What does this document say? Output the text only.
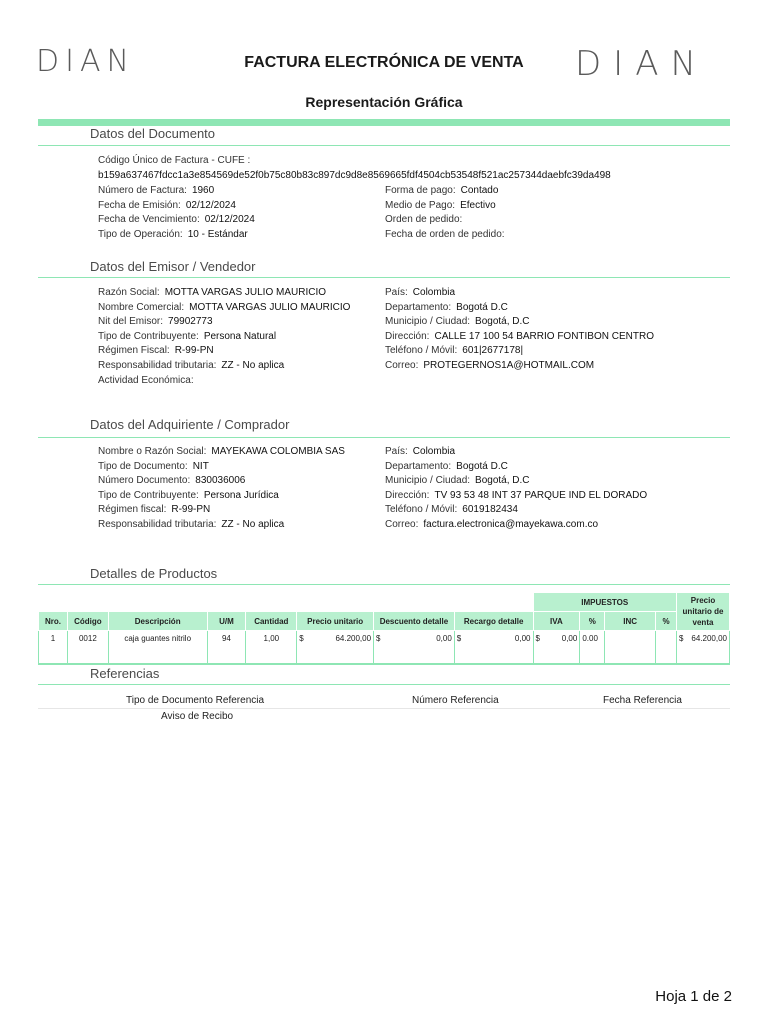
DIAN	DIAN
FACTURA ELECTRÓNICA DE VENTA
Representación Gráfica
Datos del Documento
Código Único de Factura - CUFE :
b159a637467fdcc1a3e854569de52f0b75c80b83c897dc9d8e8569665fdf4504cb53548f521ac257344daebfc39da498
Datos del Emisor / Vendedor
Datos del Adquiriente / Comprador
Detalles de Productos
								IMPUESTOS				Precio unitario de venta
Nro.	Código	Descripción	U/M	Cantidad	Precio unitario	Descuento detalle	Recargo detalle	IVA	%	INC	%	
1	0012	caja guantes nitrilo	94	1,00	$ 64.200,00	$ 0,00	$ 0,00	$ 0,00	0.00			$ 64.200,00

Referencias
Tipo de Documento Referencia	Número Referencia	Fecha Referencia
Aviso de Recibo
Hoja 1 de 2
Número de Factura: 1960
Fecha de Emisión: 02/12/2024
Fecha de Vencimiento: 02/12/2024
Tipo de Operación: 10 - Estándar
Forma de pago: Contado
Medio de Pago: Efectivo
Orden de pedido:
Fecha de orden de pedido:
Razón Social: MOTTA VARGAS JULIO MAURICIO
Nombre Comercial: MOTTA VARGAS JULIO MAURICIO
Nit del Emisor: 79902773
Tipo de Contribuyente: Persona Natural
Régimen Fiscal: R-99-PN
Responsabilidad tributaria: ZZ - No aplica
Actividad Económica:
País: Colombia
Departamento: Bogotá D.C
Municipio / Ciudad: Bogotá, D.C
Dirección: CALLE 17 100 54 BARRIO FONTIBON CENTRO
Teléfono / Móvil: 601|2677178|
Correo: PROTEGERNOS1A@HOTMAIL.COM
Nombre o Razón Social: MAYEKAWA COLOMBIA SAS
Tipo de Documento: NIT
Número Documento: 830036006
Tipo de Contribuyente: Persona Jurídica
Régimen fiscal: R-99-PN
Responsabilidad tributaria: ZZ - No aplica
País: Colombia
Departamento: Bogotá D.C
Municipio / Ciudad: Bogotá, D.C
Dirección: TV 93 53 48 INT 37 PARQUE IND EL DORADO
Teléfono / Móvil: 6019182434
Correo: factura.electronica@mayekawa.com.co
